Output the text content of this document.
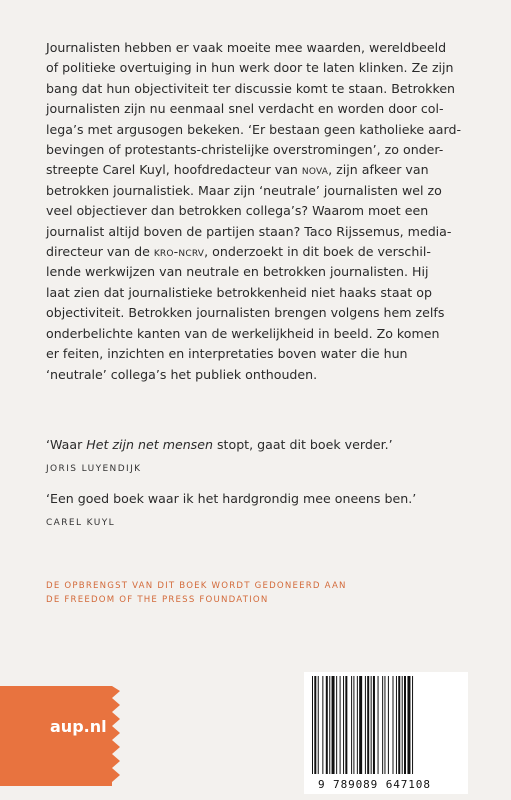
Journalisten hebben er vaak moeite mee waarden, wereldbeeld
of politieke overtuiging in hun werk door te laten klinken. Ze zijn
bang dat hun objectiviteit ter discussie komt te staan. Betrokken
journalisten zijn nu eenmaal snel verdacht en worden door col-
lega’s met argusogen bekeken. ‘Er bestaan geen katholieke aard-
bevingen of protestants-christelijke overstromingen’, zo onder-
streepte Carel Kuyl, hoofdredacteur van nova, zijn afkeer van
betrokken journalistiek. Maar zijn ‘neutrale’ journalisten wel zo
veel objectiever dan betrokken collega’s? Waarom moet een
journalist altijd boven de partijen staan? Taco Rijssemus, media-
directeur van de kro-ncrv, onderzoekt in dit boek de verschil-
lende werkwijzen van neutrale en betrokken journalisten. Hij
laat zien dat journalistieke betrokkenheid niet haaks staat op
objectiviteit. Betrokken journalisten brengen volgens hem zelfs
onderbelichte kanten van de werkelijkheid in beeld. Zo komen
er feiten, inzichten en interpretaties boven water die hun
‘neutrale’ collega’s het publiek onthouden.
‘Waar Het zijn net mensen stopt, gaat dit boek verder.’
JORIS LUYENDIJK
‘Een goed boek waar ik het hardgrondig mee oneens ben.’
CAREL KUYL
DE OPBRENGST VAN DIT BOEK WORDT GEDONEERD AAN
DE FREEDOM OF THE PRESS FOUNDATION
aup.nl
9 789089 647108
